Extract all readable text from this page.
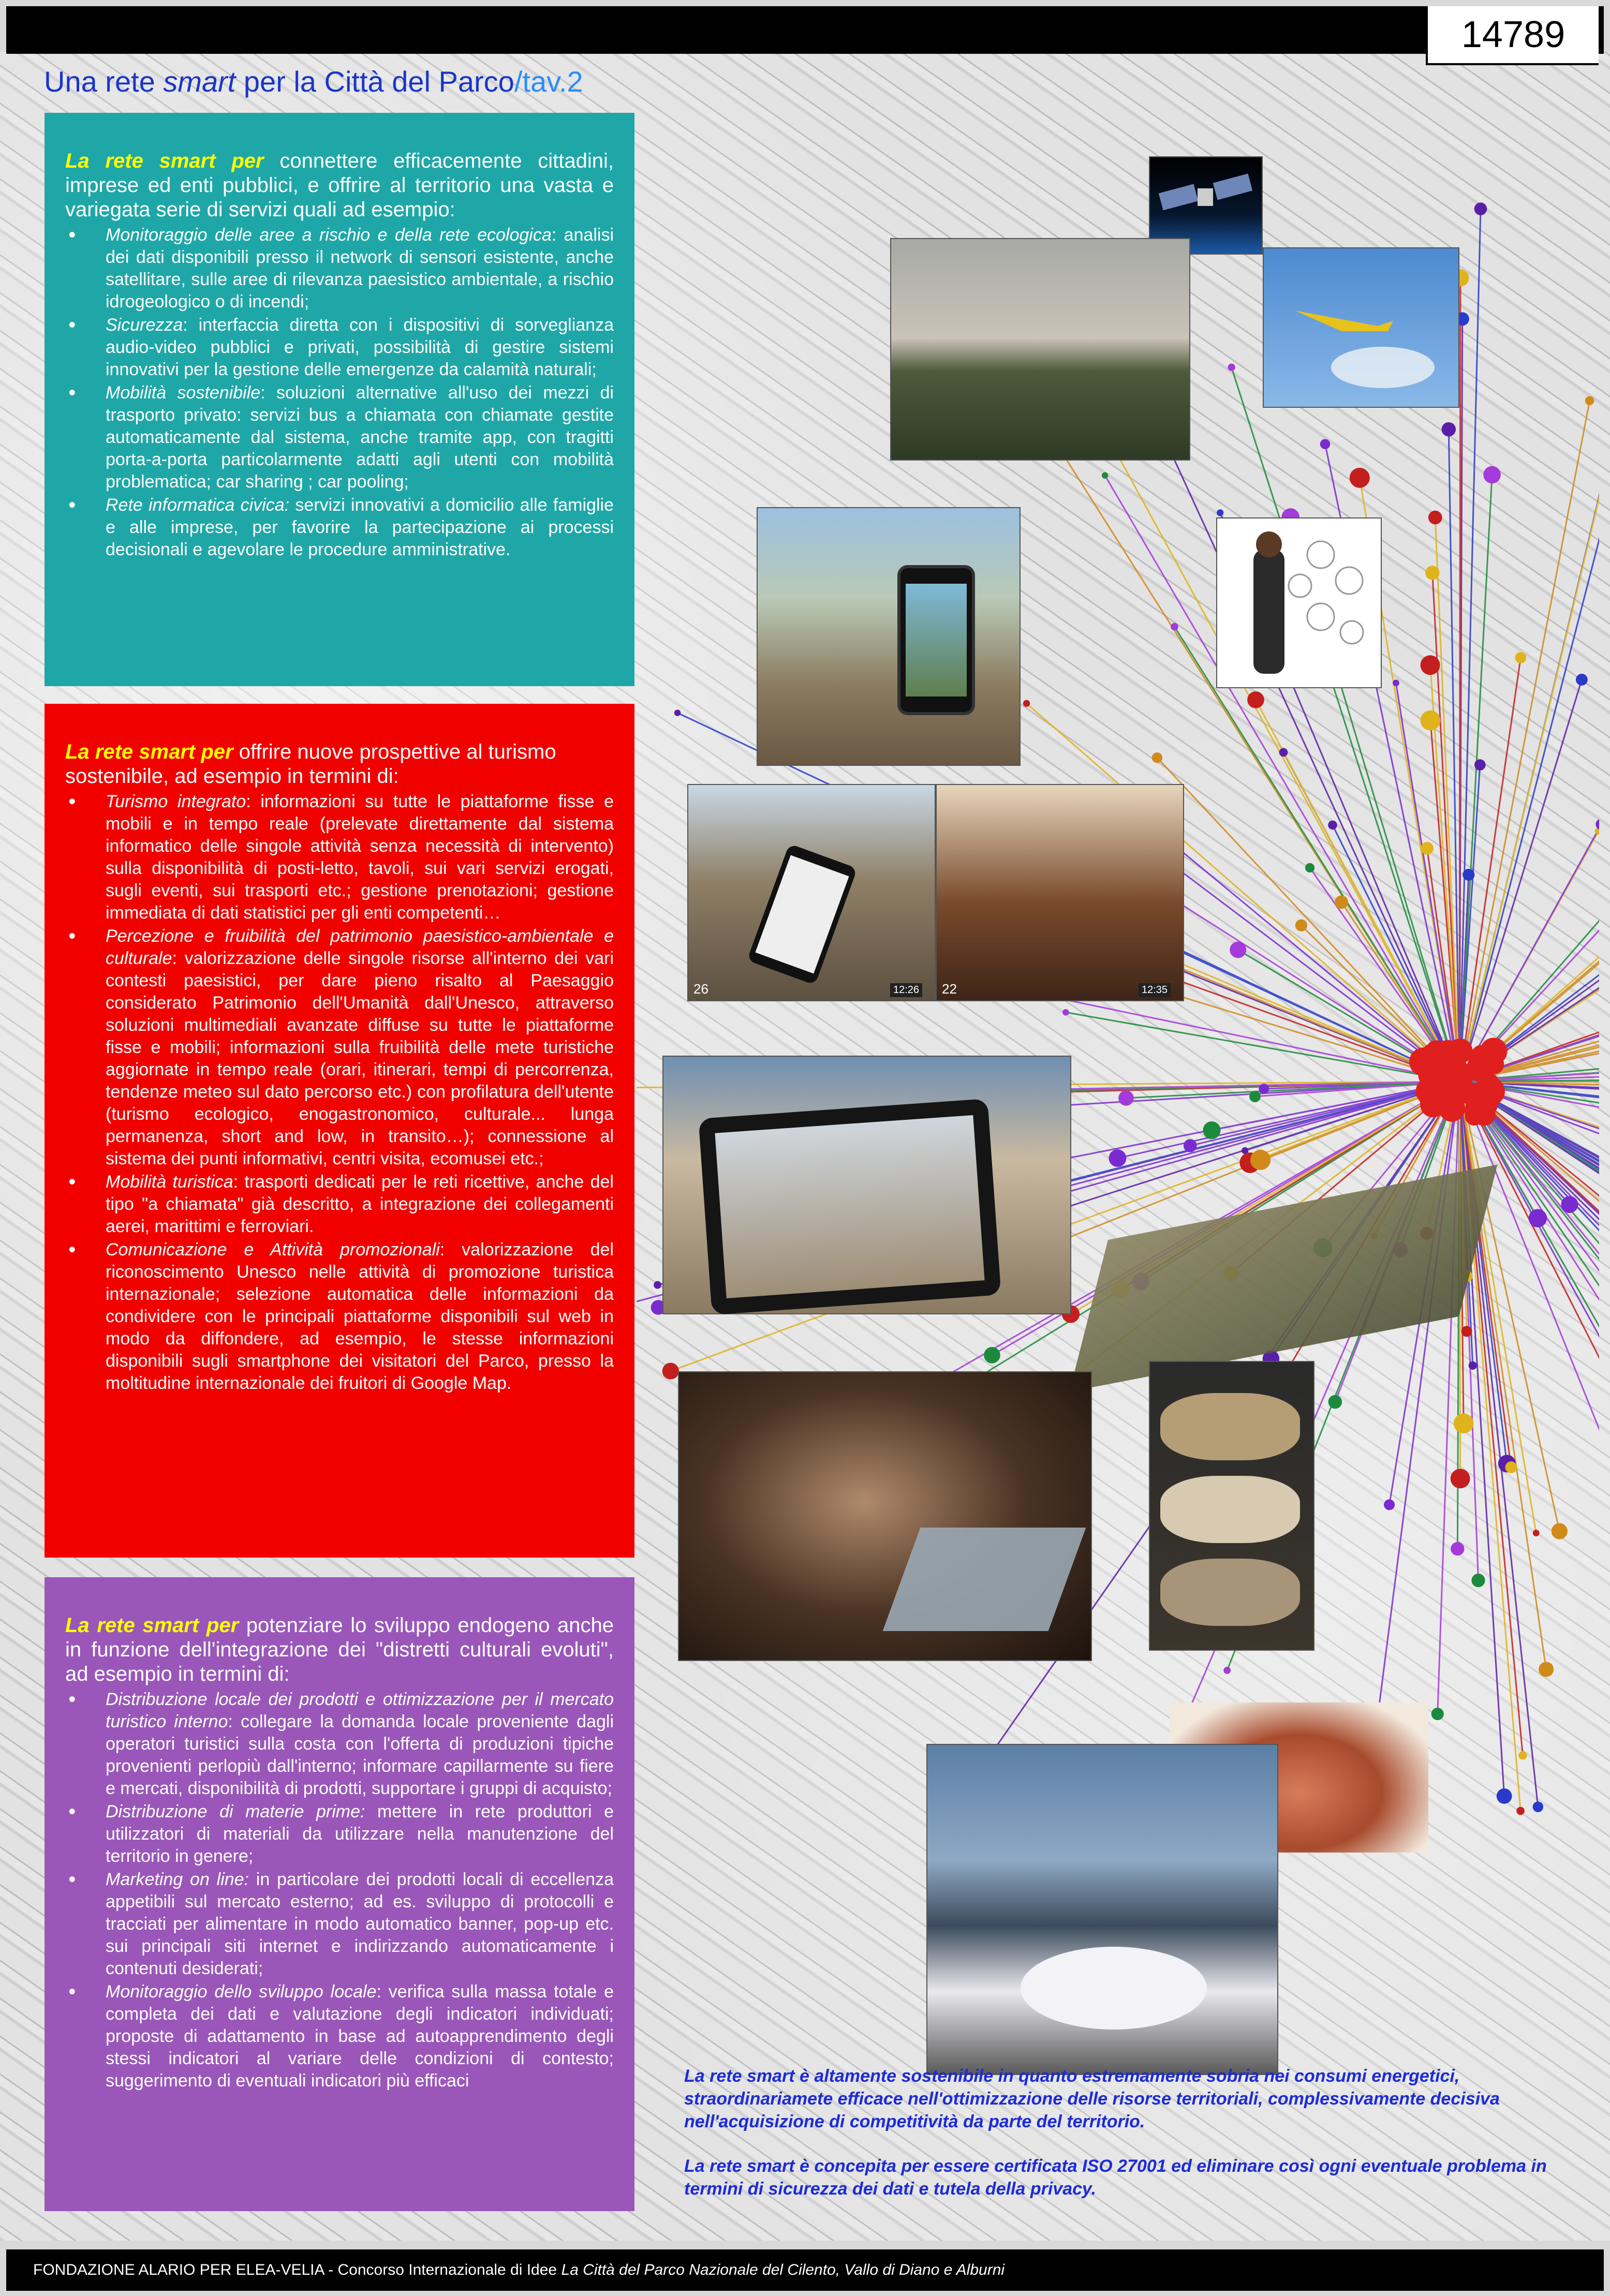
14789
Una rete smart per la Città del Parco/tav.2
La rete smart per connettere efficacemente cittadini, imprese ed enti pubblici, e offrire al territorio una vasta e variegata serie di servizi quali ad esempio:
• Monitoraggio delle aree a rischio e della rete ecologica: analisi dei dati disponibili presso il network di sensori esistente, anche satellitare, sulle aree di rilevanza paesistico ambientale, a rischio idrogeologico o di incendi;
• Sicurezza: interfaccia diretta con i dispositivi di sorveglianza audio-video pubblici e privati, possibilità di gestire sistemi innovativi per la gestione delle emergenze da calamità naturali;
• Mobilità sostenibile: soluzioni alternative all'uso dei mezzi di trasporto privato: servizi bus a chiamata con chiamate gestite automaticamente dal sistema, anche tramite app, con tragitti porta-a-porta particolarmente adatti agli utenti con mobilità problematica; car sharing ; car pooling;
• Rete informatica civica: servizi innovativi a domicilio alle famiglie e alle imprese, per favorire la partecipazione ai processi decisionali e agevolare le procedure amministrative.
La rete smart per offrire nuove prospettive al turismo sostenibile, ad esempio in termini di:
• Turismo integrato: informazioni su tutte le piattaforme fisse e mobili e in tempo reale (prelevate direttamente dal sistema informatico delle singole attività senza necessità di intervento) sulla disponibilità di posti-letto, tavoli, sui vari servizi erogati, sugli eventi, sui trasporti etc.; gestione prenotazioni; gestione immediata di dati statistici per gli enti competenti…
• Percezione e fruibilità del patrimonio paesistico-ambientale e culturale: valorizzazione delle singole risorse all'interno dei vari contesti paesistici, per dare pieno risalto al Paesaggio considerato Patrimonio dell'Umanità dall'Unesco, attraverso soluzioni multimediali avanzate diffuse su tutte le piattaforme fisse e mobili; informazioni sulla fruibilità delle mete turistiche aggiornate in tempo reale (orari, itinerari, tempi di percorrenza, tendenze meteo sul dato percorso etc.) con profilatura dell'utente (turismo ecologico, enogastronomico, culturale... lunga permanenza, short and low, in transito…); connessione al sistema dei punti informativi, centri visita, ecomusei etc.;
• Mobilità turistica: trasporti dedicati per le reti ricettive, anche del tipo "a chiamata" già descritto, a integrazione dei collegamenti aerei, marittimi e ferroviari.
• Comunicazione e Attività promozionali: valorizzazione del riconoscimento Unesco nelle attività di promozione turistica internazionale; selezione automatica delle informazioni da condividere con le principali piattaforme disponibili sul web in modo da diffondere, ad esempio, le stesse informazioni disponibili sugli smartphone dei visitatori del Parco, presso la moltitudine internazionale dei fruitori di Google Map.
La rete smart per potenziare lo sviluppo endogeno anche in funzione dell'integrazione dei "distretti culturali evoluti", ad esempio in termini di:
• Distribuzione locale dei prodotti e ottimizzazione per il mercato turistico interno: collegare la domanda locale proveniente dagli operatori turistici sulla costa con l'offerta di produzioni tipiche provenienti perlopiù dall'interno; informare capillarmente su fiere e mercati, disponibilità di prodotti, supportare i gruppi di acquisto;
• Distribuzione di materie prime: mettere in rete produttori e utilizzatori di materiali da utilizzare nella manutenzione del territorio in genere;
• Marketing on line: in particolare dei prodotti locali di eccellenza appetibili sul mercato esterno; ad es. sviluppo di protocolli e tracciati per alimentare in modo automatico banner, pop-up etc. sui principali siti internet e indirizzando automaticamente i contenuti desiderati;
• Monitoraggio dello sviluppo locale: verifica sulla massa totale e completa dei dati e valutazione degli indicatori individuati; proposte di adattamento in base ad autoapprendimento degli stessi indicatori al variare delle condizioni di contesto; suggerimento di eventuali indicatori più efficaci
26	12:26 22	12:35

La rete smart è altamente sostenibile in quanto estremamente sobria nei consumi energetici, straordinariamete efficace nell'ottimizzazione delle risorse territoriali, complessivamente decisiva nell'acquisizione di competitività da parte del territorio.

La rete smart è concepita per essere certificata ISO 27001 ed eliminare così ogni eventuale problema in termini di sicurezza dei dati e tutela della privacy.

FONDAZIONE ALARIO PER ELEA-VELIA - Concorso Internazionale di Idee La Città del Parco Nazionale del Cilento, Vallo di Diano e Alburni
